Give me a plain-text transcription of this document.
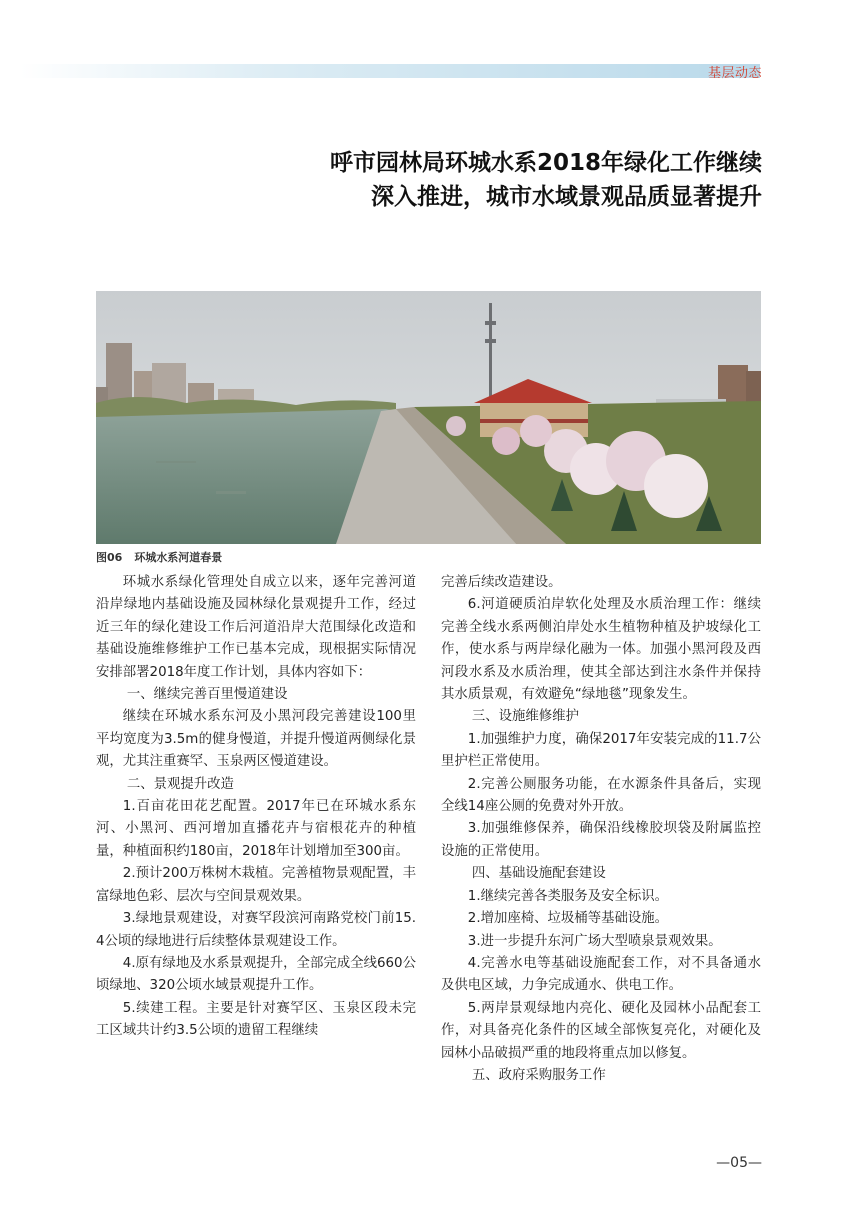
基层动态
呼市园林局环城水系2018年绿化工作继续
深入推进，城市水域景观品质显著提升
图06 环城水系河道春景

环城水系绿化管理处自成立以来，逐年完善河道沿岸绿地内基础设施及园林绿化景观提升工作，经过近三年的绿化建设工作后河道沿岸大范围绿化改造和基础设施维修维护工作已基本完成，现根据实际情况安排部署2018年度工作计划，具体内容如下：

一、继续完善百里慢道建设

继续在环城水系东河及小黑河段完善建设100里平均宽度为3.5m的健身慢道，并提升慢道两侧绿化景观，尤其注重赛罕、玉泉两区慢道建设。

二、景观提升改造

1.百亩花田花艺配置。2017年已在环城水系东河、小黑河、西河增加直播花卉与宿根花卉的种植量，种植面积约180亩，2018年计划增加至300亩。

2.预计200万株树木栽植。完善植物景观配置，丰富绿地色彩、层次与空间景观效果。

3.绿地景观建设，对赛罕段滨河南路党校门前15.4公顷的绿地进行后续整体景观建设工作。

4.原有绿地及水系景观提升，全部完成全线660公顷绿地、320公顷水域景观提升工作。

5.续建工程。主要是针对赛罕区、玉泉区段未完工区域共计约3.5公顷的遗留工程继续

完善后续改造建设。

6.河道硬质泊岸软化处理及水质治理工作：继续完善全线水系两侧泊岸处水生植物种植及护坡绿化工作，使水系与两岸绿化融为一体。加强小黑河段及西河段水系及水质治理，使其全部达到注水条件并保持其水质景观，有效避免“绿地毯”现象发生。

三、设施维修维护

1.加强维护力度，确保2017年安装完成的11.7公里护栏正常使用。

2.完善公厕服务功能，在水源条件具备后，实现全线14座公厕的免费对外开放。

3.加强维修保养，确保沿线橡胶坝袋及附属监控设施的正常使用。

四、基础设施配套建设

1.继续完善各类服务及安全标识。

2.增加座椅、垃圾桶等基础设施。

3.进一步提升东河广场大型喷泉景观效果。

4.完善水电等基础设施配套工作，对不具备通水及供电区域，力争完成通水、供电工作。

5.两岸景观绿地内亮化、硬化及园林小品配套工作，对具备亮化条件的区域全部恢复亮化，对硬化及园林小品破损严重的地段将重点加以修复。

五、政府采购服务工作

—05—
